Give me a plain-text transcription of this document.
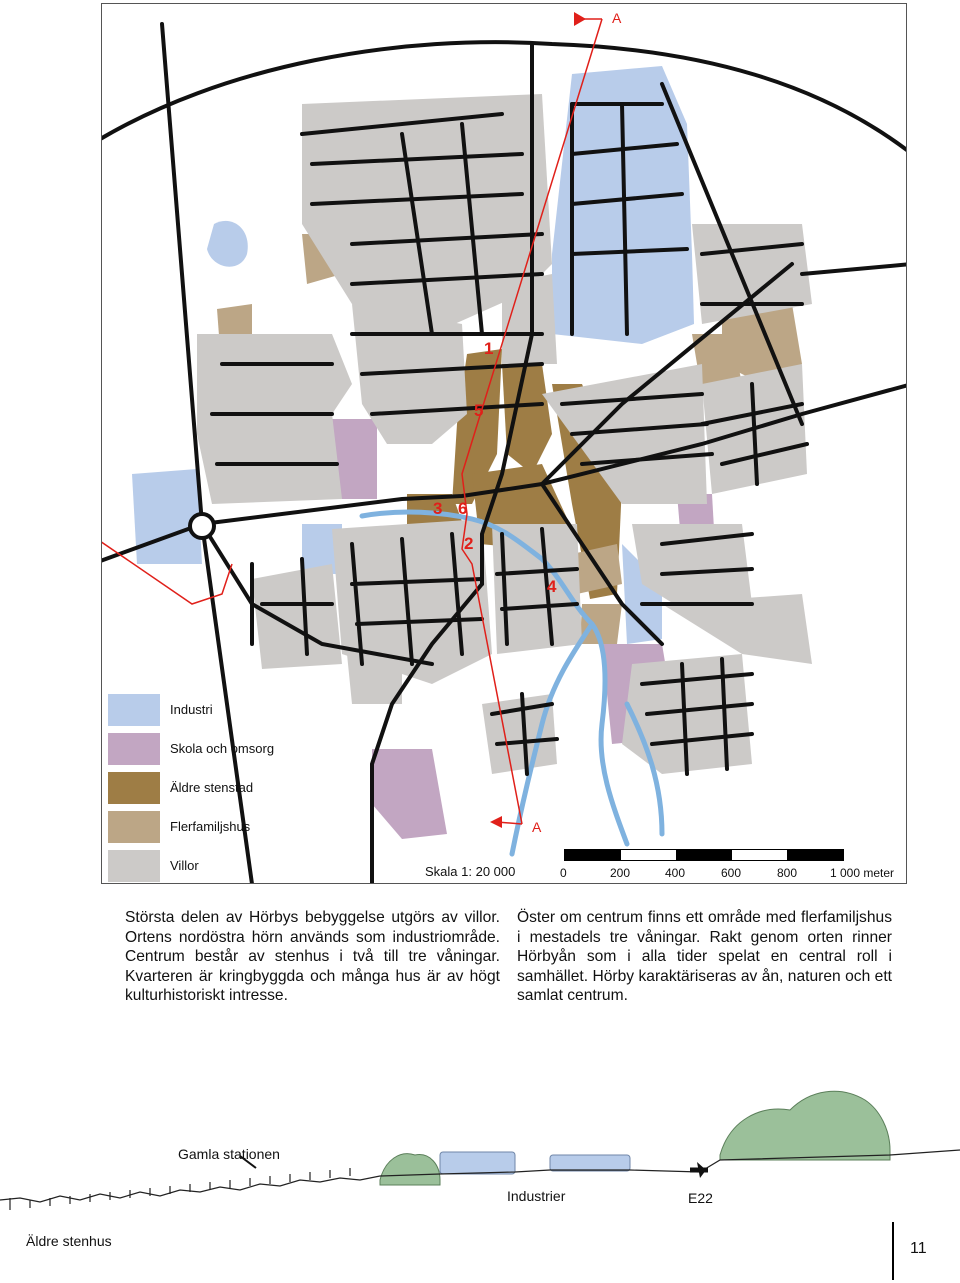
Industri
Skola och omsorg
Äldre stenstad
Flerfamiljshus
Villor	Skala 1: 20 000	0	200	400	600	800	1 000 meter
A
A
1
5
3 6
2
4
Största delen av Hörbys bebyggelse utgörs av villor. Ortens nordöstra hörn används som industriområde. Centrum består av stenhus i två till tre våningar. Kvarteren är kringbyggda och många hus är av högt kulturhistoriskt intresse.
Öster om centrum finns ett område med flerfamiljshus i mestadels tre våningar. Rakt genom orten rinner Hörbyån som i alla tider spelat en central roll i samhället. Hörby karaktäriseras av ån, naturen och ett samlat centrum.
Gamla stationen
Industrier	E22
Äldre stenhus	11
